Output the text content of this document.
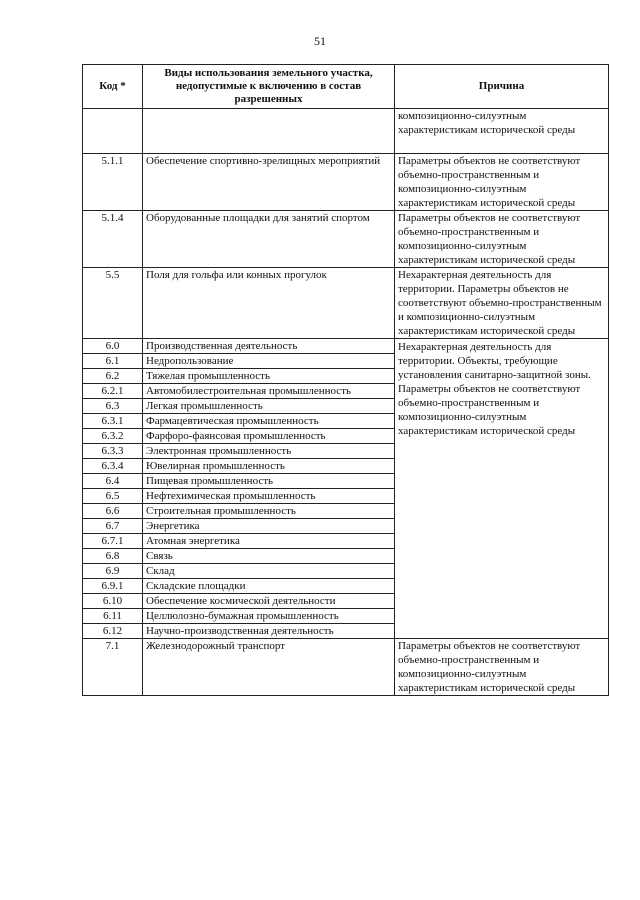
51
Код *	Виды использования земельного участка, недопустимые к включению в состав разрешенных	Причина
		композиционно-силуэтным характеристикам исторической среды
5.1.1	Обеспечение спортивно-зрелищных мероприятий	Параметры объектов не соответствуют объемно-пространственным и композиционно-силуэтным характеристикам исторической среды
5.1.4	Оборудованные площадки для занятий спортом	Параметры объектов не соответствуют объемно-пространственным и композиционно-силуэтным характеристикам исторической среды
5.5	Поля для гольфа или конных прогулок	Нехарактерная деятельность для территории. Параметры объектов не соответствуют объемно-пространственным и композиционно-силуэтным характеристикам исторической среды
6.0	Производственная деятельность	Нехарактерная деятельность для территории. Объекты, требующие установления санитарно-защитной зоны. Параметры объектов не соответствуют объемно-пространственным и композиционно-силуэтным характеристикам исторической среды
6.1	Недропользование	
6.2	Тяжелая промышленность	
6.2.1	Автомобилестроительная промышленность	
6.3	Легкая промышленность	
6.3.1	Фармацевтическая промышленность	
6.3.2	Фарфоро-фаянсовая промышленность	
6.3.3	Электронная промышленность	
6.3.4	Ювелирная промышленность	
6.4	Пищевая промышленность	
6.5	Нефтехимическая промышленность	
6.6	Строительная промышленность	
6.7	Энергетика	
6.7.1	Атомная энергетика	
6.8	Связь	
6.9	Склад	
6.9.1	Складские площадки	
6.10	Обеспечение космической деятельности	
6.11	Целлюлозно-бумажная промышленность	
6.12	Научно-производственная деятельность	
7.1	Железнодорожный транспорт	Параметры объектов не соответствуют объемно-пространственным и композиционно-силуэтным характеристикам исторической среды
